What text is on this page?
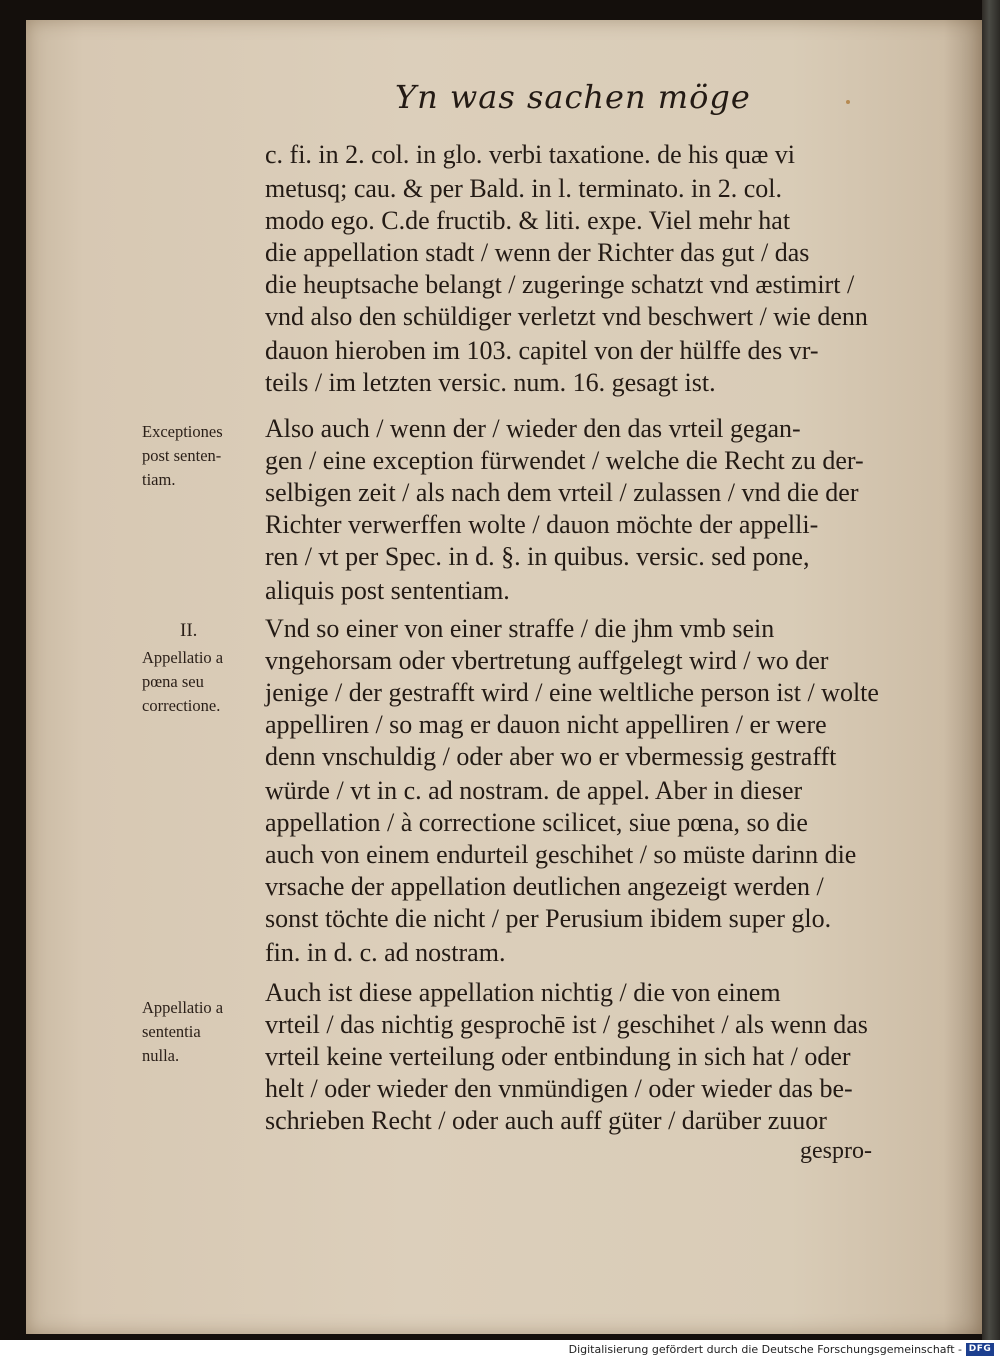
Yn was sachen möge
c. fi. in 2. col. in glo. verbi taxatione. de his quæ vi
metusq; cau. & per Bald. in l. terminato. in 2. col.
modo ego. C.de fructib. & liti. expe. Viel mehr hat
die appellation stadt / wenn der Richter das gut / das
die heuptsache belangt / zugeringe schatzt vnd æstimirt /
vnd also den schüldiger verletzt vnd beschwert / wie denn
dauon hieroben im 103. capitel von der hülffe des vr-
teils / im letzten versic. num. 16. gesagt ist.
Also auch / wenn der / wieder den das vrteil gegan-
gen / eine exception fürwendet / welche die Recht zu der-
selbigen zeit / als nach dem vrteil / zulassen / vnd die der
Richter verwerffen wolte / dauon möchte der appelli-
ren / vt per Spec. in d. §. in quibus. versic. sed pone,
aliquis post sententiam.
Vnd so einer von einer straffe / die jhm vmb sein
vngehorsam oder vbertretung auffgelegt wird / wo der
jenige / der gestrafft wird / eine weltliche person ist / wolte
appelliren / so mag er dauon nicht appelliren / er were
denn vnschuldig / oder aber wo er vbermessig gestrafft
würde / vt in c. ad nostram. de appel. Aber in dieser
appellation / à correctione scilicet, siue pœna, so die
auch von einem endurteil geschihet / so müste darinn die
vrsache der appellation deutlichen angezeigt werden /
sonst töchte die nicht / per Perusium ibidem super glo.
fin. in d. c. ad nostram.
Auch ist diese appellation nichtig / die von einem
vrteil / das nichtig gesprochē ist / geschihet / als wenn das
vrteil keine verteilung oder entbindung in sich hat / oder
helt / oder wieder den vnmündigen / oder wieder das be-
schrieben Recht / oder auch auff güter / darüber zuuor
gespro-
Exceptiones
post senten-
tiam.
II.
Appellatio a
pœna seu
correctione.
Appellatio a
sententia
nulla.
Digitalisierung gefördert durch die Deutsche Forschungsgemeinschaft - DFG
